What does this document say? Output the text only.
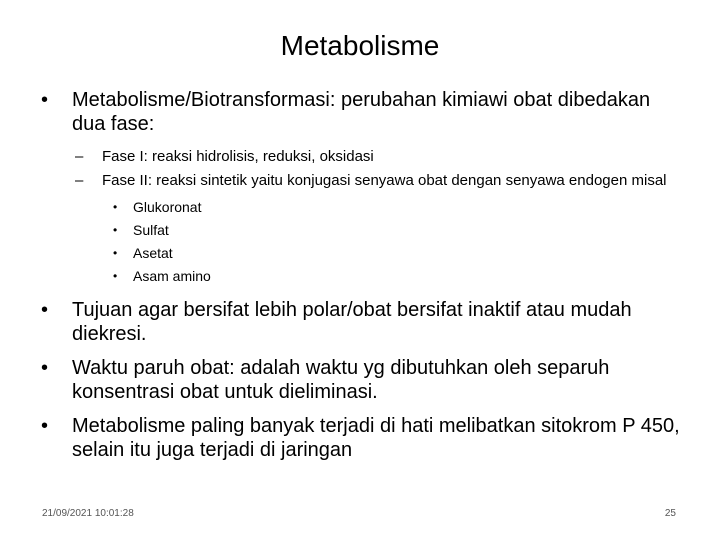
Metabolisme
• Metabolisme/Biotransformasi: perubahan kimiawi obat dibedakan dua fase:
– Fase I: reaksi hidrolisis, reduksi, oksidasi
– Fase II: reaksi sintetik yaitu konjugasi senyawa obat dengan senyawa endogen misal
• Glukoronat
• Sulfat
• Asetat
• Asam amino
• Tujuan agar bersifat lebih polar/obat bersifat inaktif atau mudah diekresi.
• Waktu paruh obat: adalah waktu yg dibutuhkan oleh separuh konsentrasi obat untuk dieliminasi.
• Metabolisme paling banyak terjadi di hati melibatkan sitokrom P 450, selain itu juga terjadi di jaringan
21/09/2021 10:01:28	25
